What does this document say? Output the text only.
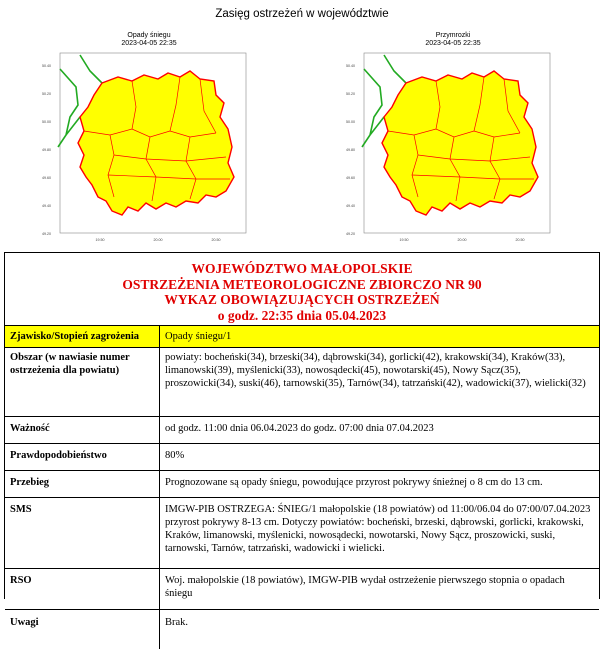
Zasięg ostrzeżeń w województwie
Opady śniegu
2023-04-05 22:35
50.40
50.20
50.00
49.80
49.60
49.40
49.20
19.50	20.00	20.50
Przymrozki
2023-04-05 22:35
50.40
50.20
50.00
49.80
49.60
49.40
49.20
19.50	20.00	20.50
WOJEWÓDZTWO MAŁOPOLSKIE
OSTRZEŻENIA METEOROLOGICZNE ZBIORCZO NR 90
WYKAZ OBOWIĄZUJĄCYCH OSTRZEŻEŃ
o godz. 22:35 dnia 05.04.2023
Zjawisko/Stopień zagrożenia	Opady śniegu/1
Obszar (w nawiasie numer ostrzeżenia dla powiatu)	powiaty: bocheński(34), brzeski(34), dąbrowski(34), gorlicki(42), krakowski(34), Kraków(33), limanowski(39), myślenicki(33), nowosądecki(45), nowotarski(45), Nowy Sącz(35), proszowicki(34), suski(46), tarnowski(35), Tarnów(34), tatrzański(42), wadowicki(37), wielicki(32)
Ważność	od godz. 11:00 dnia 06.04.2023 do godz. 07:00 dnia 07.04.2023
Prawdopodobieństwo	80%
Przebieg	Prognozowane są opady śniegu, powodujące przyrost pokrywy śnieżnej o 8 cm do 13 cm.
SMS	IMGW-PIB OSTRZEGA: ŚNIEG/1 małopolskie (18 powiatów) od 11:00/06.04 do 07:00/07.04.2023 przyrost pokrywy 8-13 cm. Dotyczy powiatów: bocheński, brzeski, dąbrowski, gorlicki, krakowski, Kraków, limanowski, myślenicki, nowosądecki, nowotarski, Nowy Sącz, proszowicki, suski, tarnowski, Tarnów, tatrzański, wadowicki i wielicki.
RSO	Woj. małopolskie (18 powiatów), IMGW-PIB wydał ostrzeżenie pierwszego stopnia o opadach śniegu
Uwagi	Brak.
